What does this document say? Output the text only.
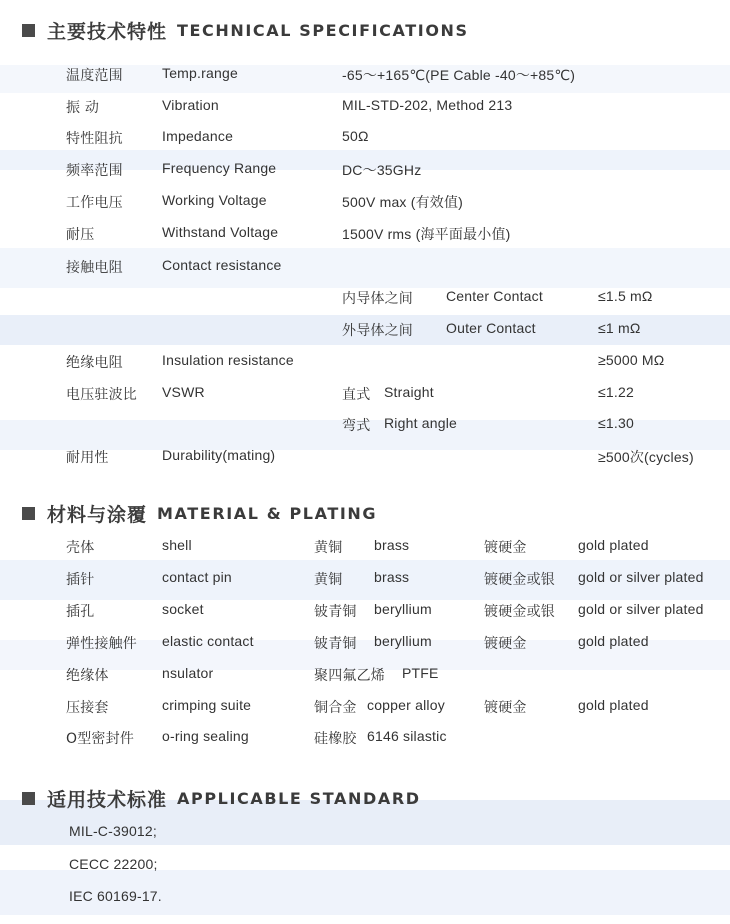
主要技术特性 TECHNICAL SPECIFICATIONS
温度范围	Temp.range	-65～+165℃(PE Cable -40～+85℃)
振 动	Vibration	MIL-STD-202, Method 213
特性阻抗	Impedance	50Ω
频率范围	Frequency Range	DC～35GHz
工作电压	Working Voltage	500V max (有效值)
耐压	Withstand Voltage	1500V rms (海平面最小值)
接触电阻	Contact resistance
内导体之间 Center Contact	≤1.5 mΩ
外导体之间 Outer Contact	≤1 mΩ
绝缘电阻	Insulation resistance	≥5000 MΩ
电压驻波比 VSWR	直式 Straight	≤1.22
弯式 Right angle	≤1.30
耐用性	Durability(mating)	≥500次(cycles)
材料与涂覆 MATERIAL & PLATING
壳体	shell	黄铜 brass	镀硬金	gold plated
插针	contact pin	黄铜 brass	镀硬金或银 gold or silver plated
插孔	socket	铍青铜 beryllium	镀硬金或银 gold or silver plated
弹性接触件 elastic contact	铍青铜 beryllium	镀硬金	gold plated
绝缘体	nsulator	聚四氟乙烯 PTFE
压接套	crimping suite	铜合金 copper alloy	镀硬金	gold plated
O型密封件 o-ring sealing	硅橡胶 6146 silastic
适用技术标准 APPLICABLE STANDARD
MIL-C-39012;
CECC 22200;
IEC 60169-17.
